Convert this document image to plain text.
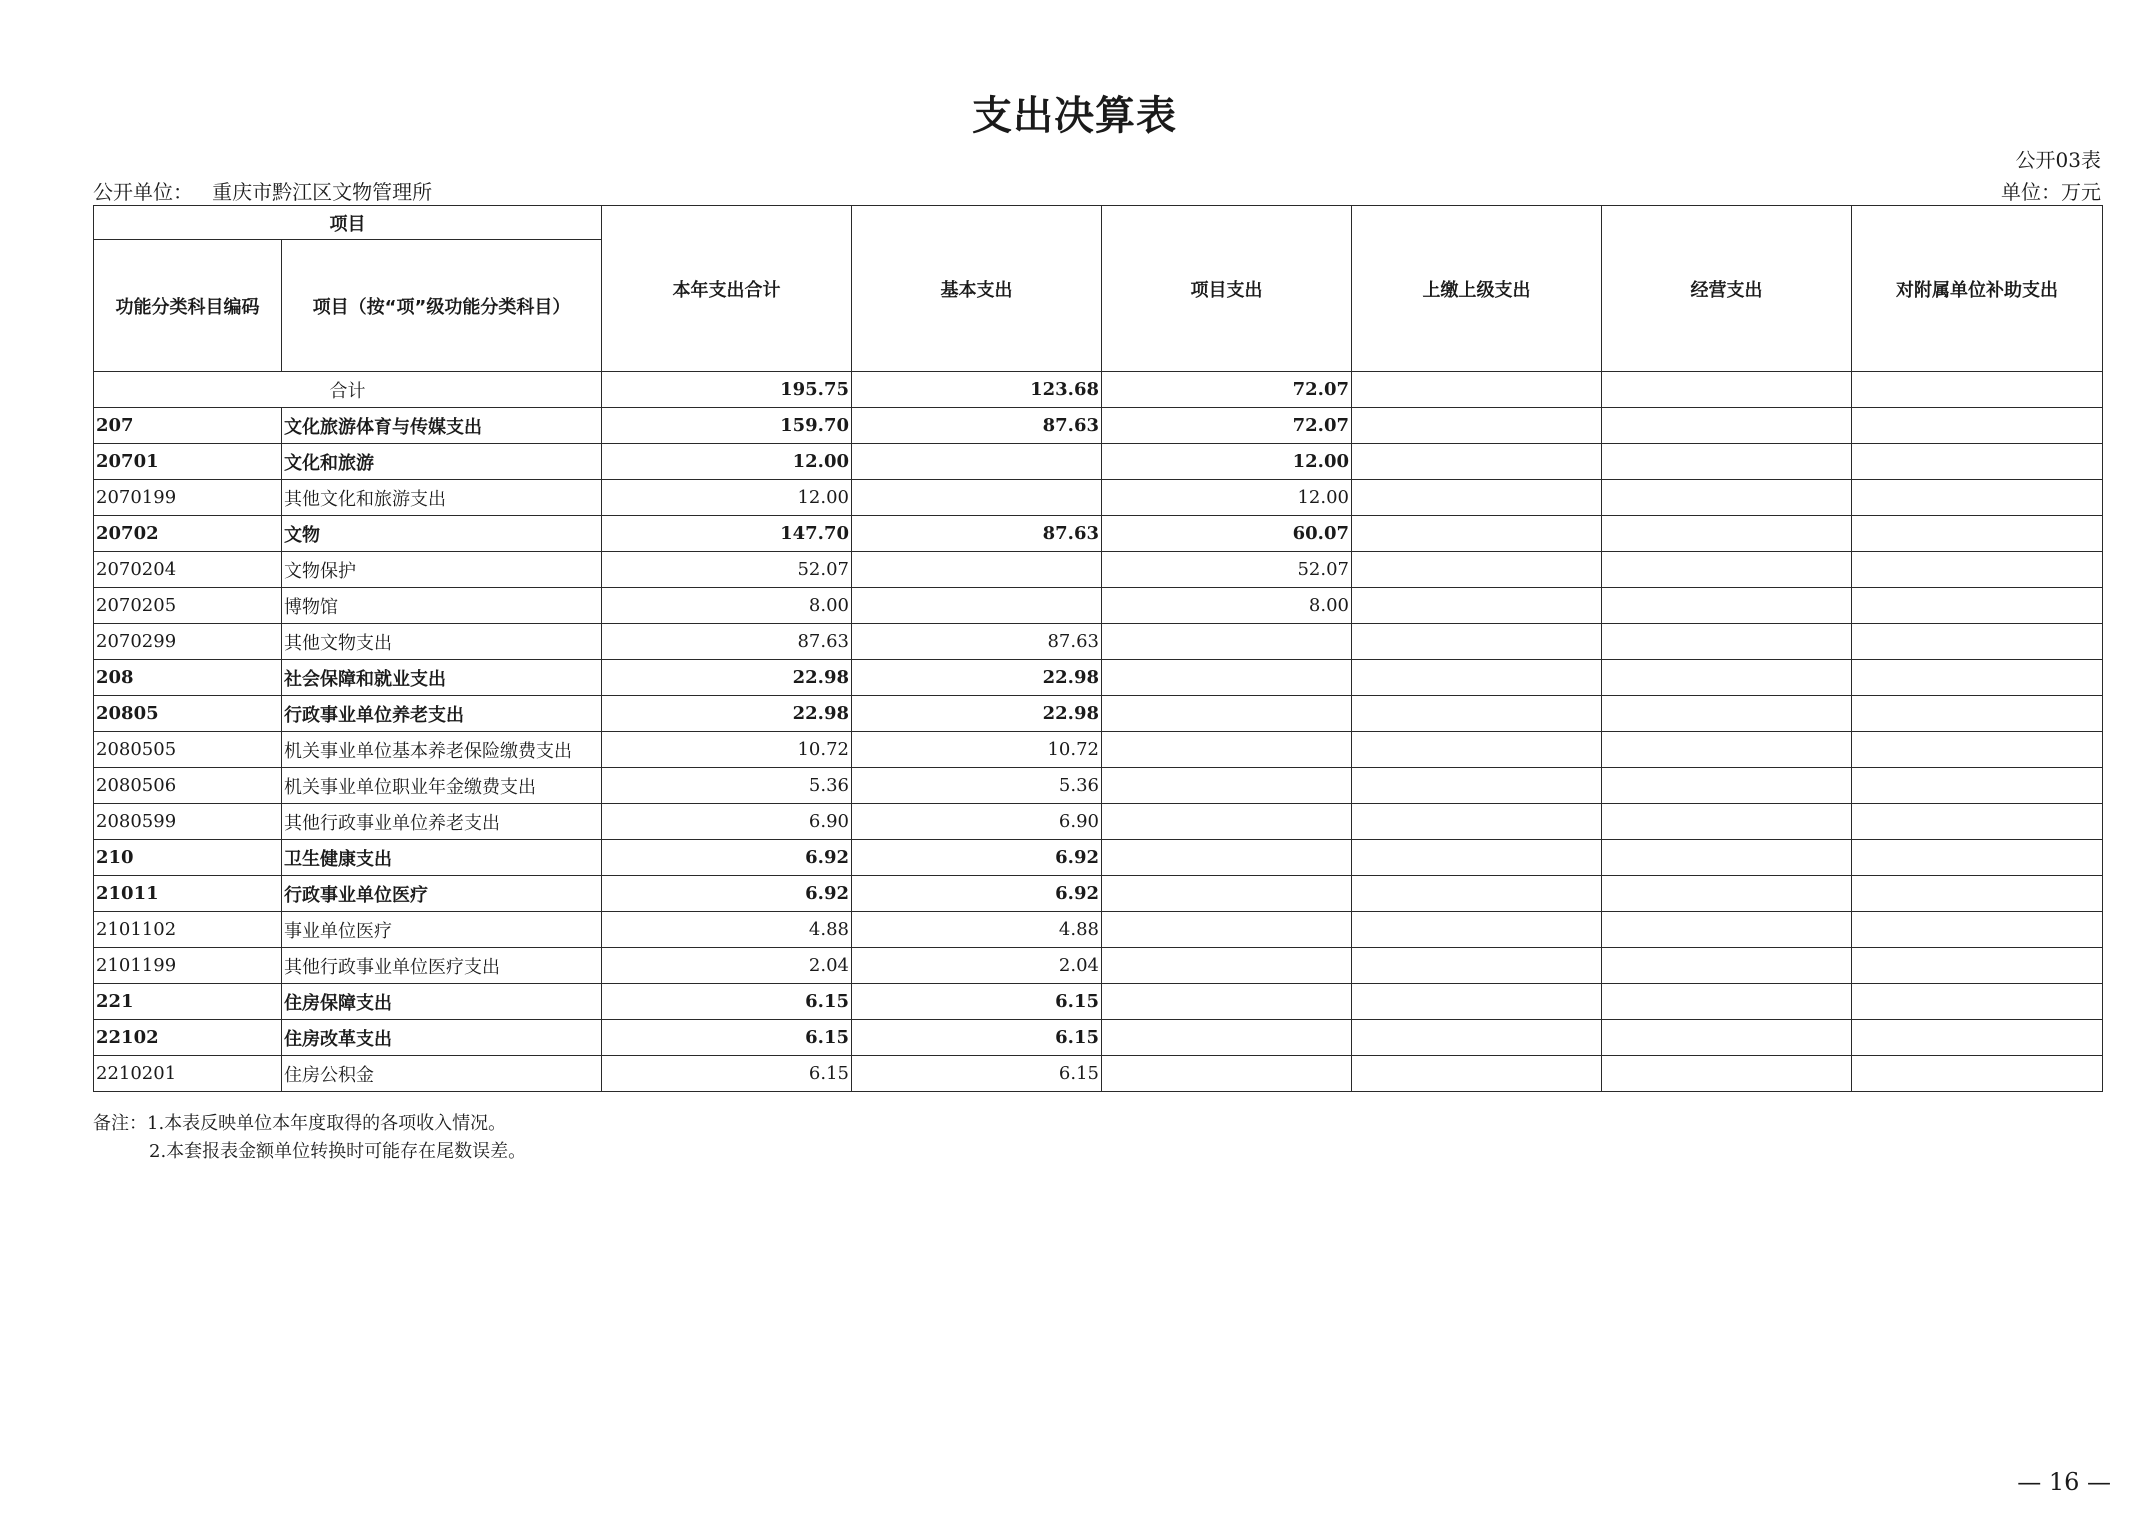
支出决算表
公开03表
公开单位： 重庆市黔江区文物管理所	单位：万元
项目		本年支出合计	基本支出	项目支出	上缴上级支出	经营支出	对附属单位补助支出
功能分类科目编码	项目（按“项”级功能分类科目）						
合计		195.75	123.68	72.07			
207	文化旅游体育与传媒支出	159.70	87.63	72.07			
20701	文化和旅游	12.00		12.00			
2070199	其他文化和旅游支出	12.00		12.00			
20702	文物	147.70	87.63	60.07			
2070204	文物保护	52.07		52.07			
2070205	博物馆	8.00		8.00			
2070299	其他文物支出	87.63	87.63				
208	社会保障和就业支出	22.98	22.98				
20805	行政事业单位养老支出	22.98	22.98				
2080505	机关事业单位基本养老保险缴费支出	10.72	10.72				
2080506	机关事业单位职业年金缴费支出	5.36	5.36				
2080599	其他行政事业单位养老支出	6.90	6.90				
210	卫生健康支出	6.92	6.92				
21011	行政事业单位医疗	6.92	6.92				
2101102	事业单位医疗	4.88	4.88				
2101199	其他行政事业单位医疗支出	2.04	2.04				
221	住房保障支出	6.15	6.15				
22102	住房改革支出	6.15	6.15				
2210201	住房公积金	6.15	6.15				
备注：1.本表反映单位本年度取得的各项收入情况。
2.本套报表金额单位转换时可能存在尾数误差。
— 16 —
